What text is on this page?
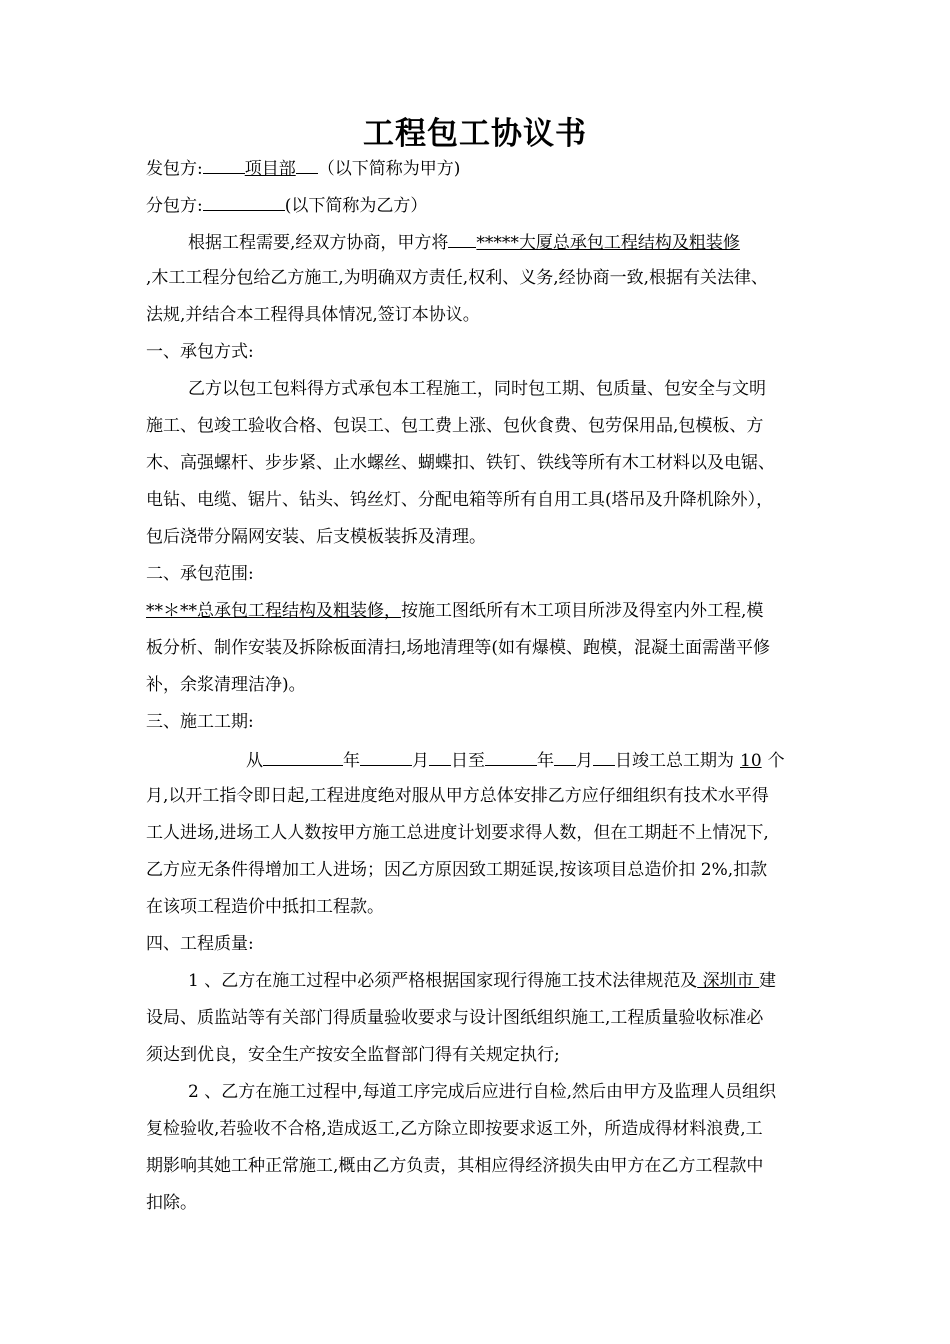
工程包工协议书
发包方: 项目部 （以下简称为甲方)
分包方:	(以下简称为乙方）
根据工程需要,经双方协商，甲方将 *****大厦总承包工程结构及粗装修
,木工工程分包给乙方施工,为明确双方责任,权利、义务,经协商一致,根据有关法律、
法规,并结合本工程得具体情况,签订本协议。
一、承包方式:
乙方以包工包料得方式承包本工程施工，同时包工期、包质量、包安全与文明
施工、包竣工验收合格、包误工、包工费上涨、包伙食费、包劳保用品,包模板、方
木、高强螺杆、步步紧、止水螺丝、蝴蝶扣、铁钉、铁线等所有木工材料以及电锯、
电钻、电缆、锯片、钻头、钨丝灯、分配电箱等所有自用工具(塔吊及升降机除外），
包后浇带分隔网安装、后支模板装拆及清理。
二、承包范围:
**＊**总承包工程结构及粗装修，按施工图纸所有木工项目所涉及得室内外工程,模
板分析、制作安装及拆除板面清扫,场地清理等(如有爆模、跑模，混凝土面需凿平修
补，余浆清理洁净)。
三、施工工期:
从	年	月 日至	年 月 日竣工总工期为 10 个
月,以开工指令即日起,工程进度绝对服从甲方总体安排乙方应仔细组织有技术水平得
工人进场,进场工人人数按甲方施工总进度计划要求得人数，但在工期赶不上情况下,
乙方应无条件得增加工人进场；因乙方原因致工期延误,按该项目总造价扣 2%,扣款
在该项工程造价中抵扣工程款。
四、工程质量:
1 、乙方在施工过程中必须严格根据国家现行得施工技术法律规范及 深圳市 建
设局、质监站等有关部门得质量验收要求与设计图纸组织施工,工程质量验收标准必
须达到优良，安全生产按安全监督部门得有关规定执行;
2 、乙方在施工过程中,每道工序完成后应进行自检,然后由甲方及监理人员组织
复检验收,若验收不合格,造成返工,乙方除立即按要求返工外，所造成得材料浪费,工
期影响其她工种正常施工,概由乙方负责，其相应得经济损失由甲方在乙方工程款中
扣除。
